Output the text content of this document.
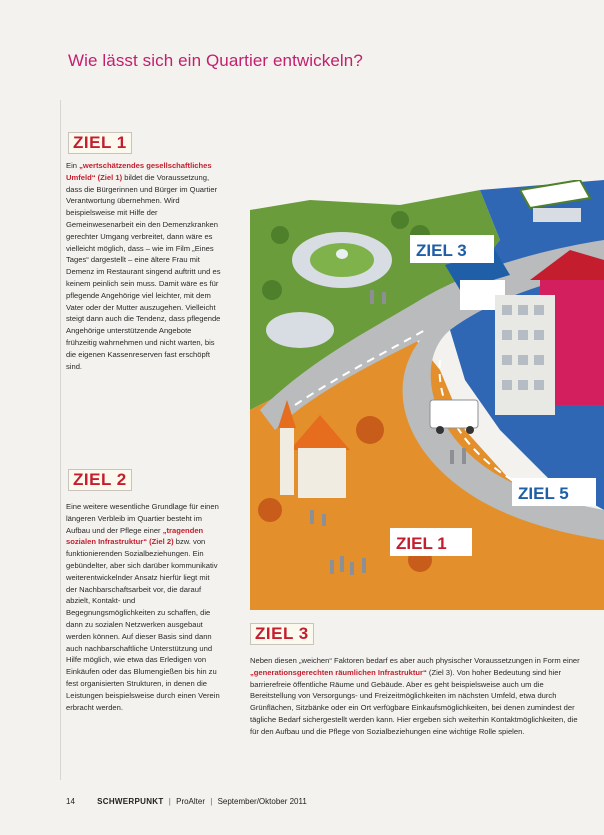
Wie lässt sich ein Quartier entwickeln?
ZIEL 1
Ein „wertschätzendes gesellschaftliches Umfeld“ (Ziel 1) bildet die Voraussetzung, dass die Bürgerinnen und Bürger im Quartier Verantwortung übernehmen. Wird beispielsweise mit Hilfe der Gemeinwesenarbeit ein den Demenzkranken gerechter Umgang verbreitet, dann wäre es vielleicht möglich, dass – wie im Film „Eines Tages“ dargestellt – eine ältere Frau mit Demenz im Restaurant singend auftritt und es keinem peinlich sein muss. Damit wäre es für pflegende Angehörige viel leichter, mit dem Vater oder der Mutter auszugehen. Vielleicht steigt dann auch die Tendenz, dass pflegende Angehörige unterstützende Angebote frühzeitig wahrnehmen und nicht warten, bis die eigenen Kassenreserven fast erschöpft sind.
ZIEL 2
Eine weitere wesentliche Grundlage für einen längeren Verbleib im Quartier besteht im Aufbau und der Pflege einer „tragenden sozialen Infrastruktur“ (Ziel 2) bzw. von funktionierenden Sozialbeziehungen. Ein gebündelter, aber sich darüber kommunikativ weiterentwickelnder Ansatz hierfür liegt mit der Nachbarschaftsarbeit vor, die darauf abzielt, Kontakt- und Begegnungsmöglichkeiten zu schaffen, die dann zu sozialen Netzwerken ausgebaut werden können. Auf dieser Basis sind dann auch nachbarschaftliche Unterstützung und Hilfe möglich, wie etwa das Erledigen von Einkäufen oder das Blumengießen bis hin zu fest organisierten Strukturen, in denen die Leistungen beispielsweise durch einen Verein erbracht werden.
ZIEL 3
ZIEL 5
ZIEL 1
ZIEL 3
Neben diesen „weichen“ Faktoren bedarf es aber auch physischer Voraussetzungen in Form einer „generationsgerechten räumlichen Infrastruktur“ (Ziel 3). Von hoher Bedeutung sind hier barrierefreie öffentliche Räume und Gebäude. Aber es geht beispielsweise auch um die Bereitstellung von Versorgungs- und Freizeitmöglichkeiten im nächsten Umfeld, etwa durch Grünflächen, Sitzbänke oder ein Ort verfügbare Einkaufsmöglichkeiten, bei denen zumindest der tägliche Bedarf sichergestellt werden kann. Hier ergeben sich weiterhin Kontaktmöglichkeiten, die für den Aufbau und die Pflege von Sozialbeziehungen eine wichtige Rolle spielen.
14	SCHWERPUNKT | ProAlter | September/Oktober 2011
